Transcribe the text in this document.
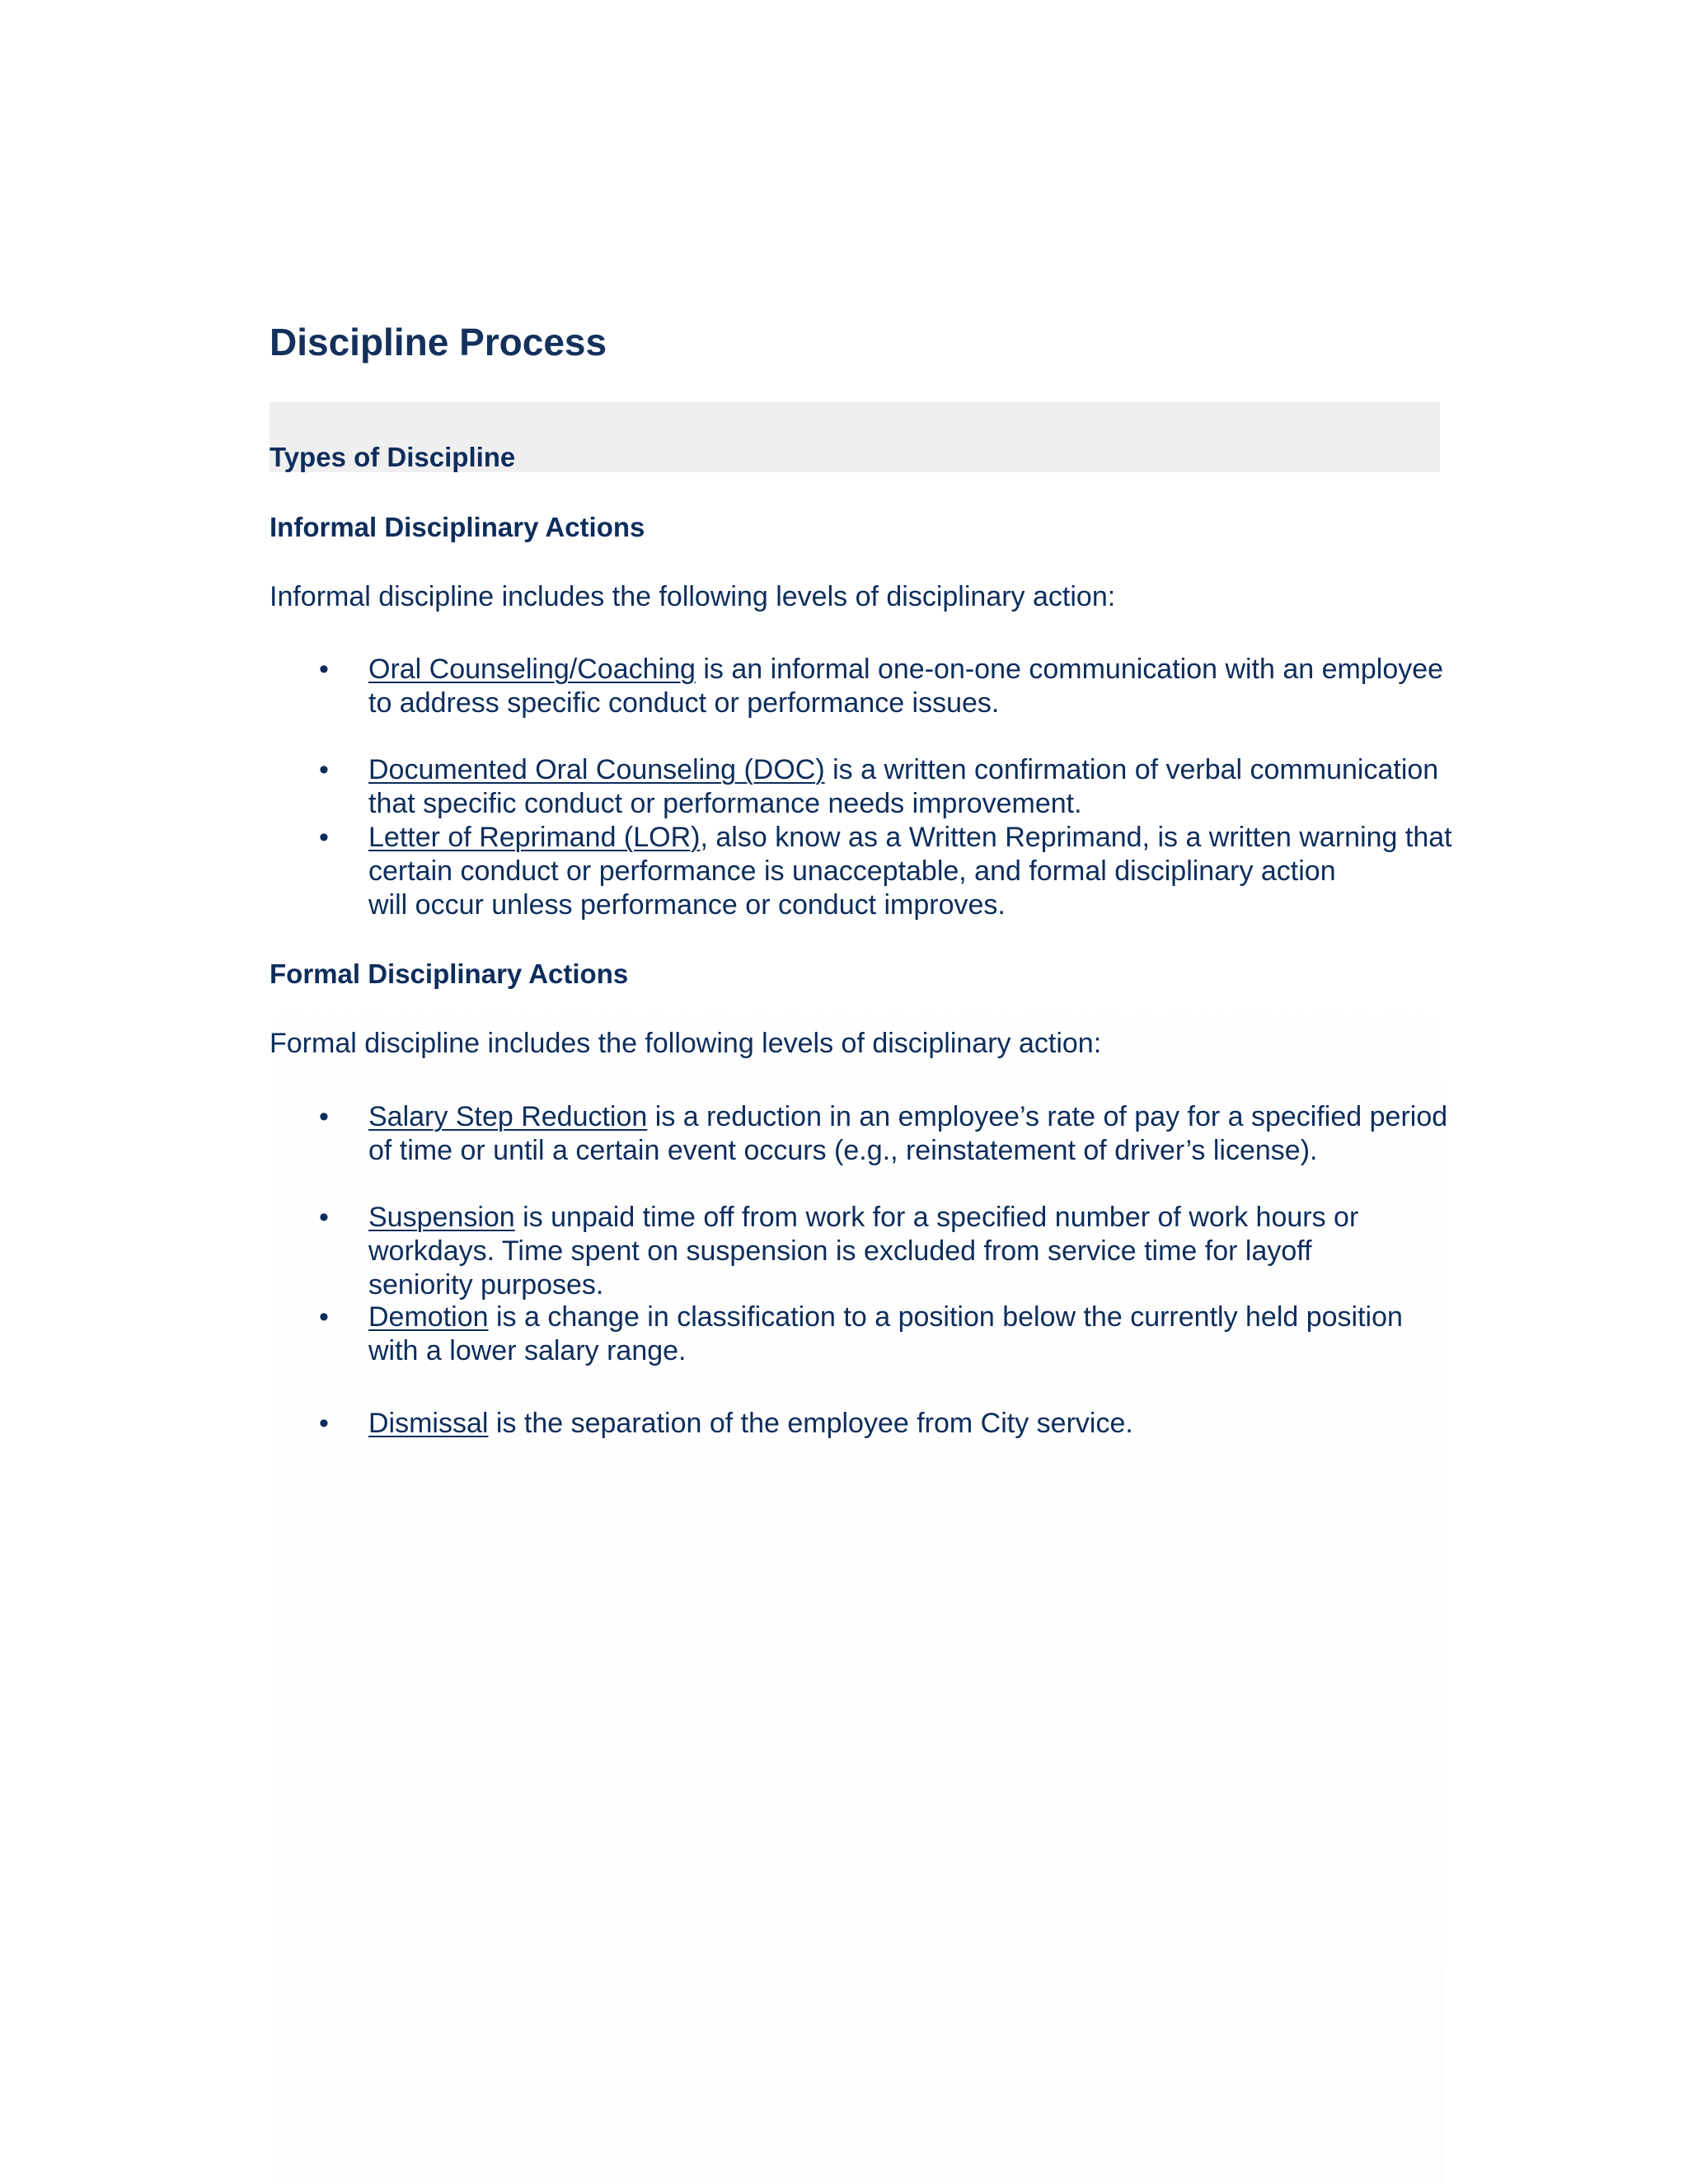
Discipline Process
Types of Discipline
Informal Disciplinary Actions

Informal discipline includes the following levels of disciplinary action:

•	Oral Counseling/Coaching is an informal one-on-one communication with an employee
to address specific conduct or performance issues.
•	Documented Oral Counseling (DOC) is a written confirmation of verbal communication
that specific conduct or performance needs improvement.
•	Letter of Reprimand (LOR), also know as a Written Reprimand, is a written warning that
certain conduct or performance is unacceptable, and formal disciplinary action will occur unless performance or conduct improves.
Formal Disciplinary Actions

Formal discipline includes the following levels of disciplinary action:

•	Salary Step Reduction is a reduction in an employee’s rate of pay for a specified period
of time or until a certain event occurs (e.g., reinstatement of driver’s license).
•	Suspension is unpaid time off from work for a specified number of work hours or
workdays. Time spent on suspension is excluded from service time for layoff seniority purposes.
•	Demotion is a change in classification to a position below the currently held position
with a lower salary range.
•	Dismissal is the separation of the employee from City service.
